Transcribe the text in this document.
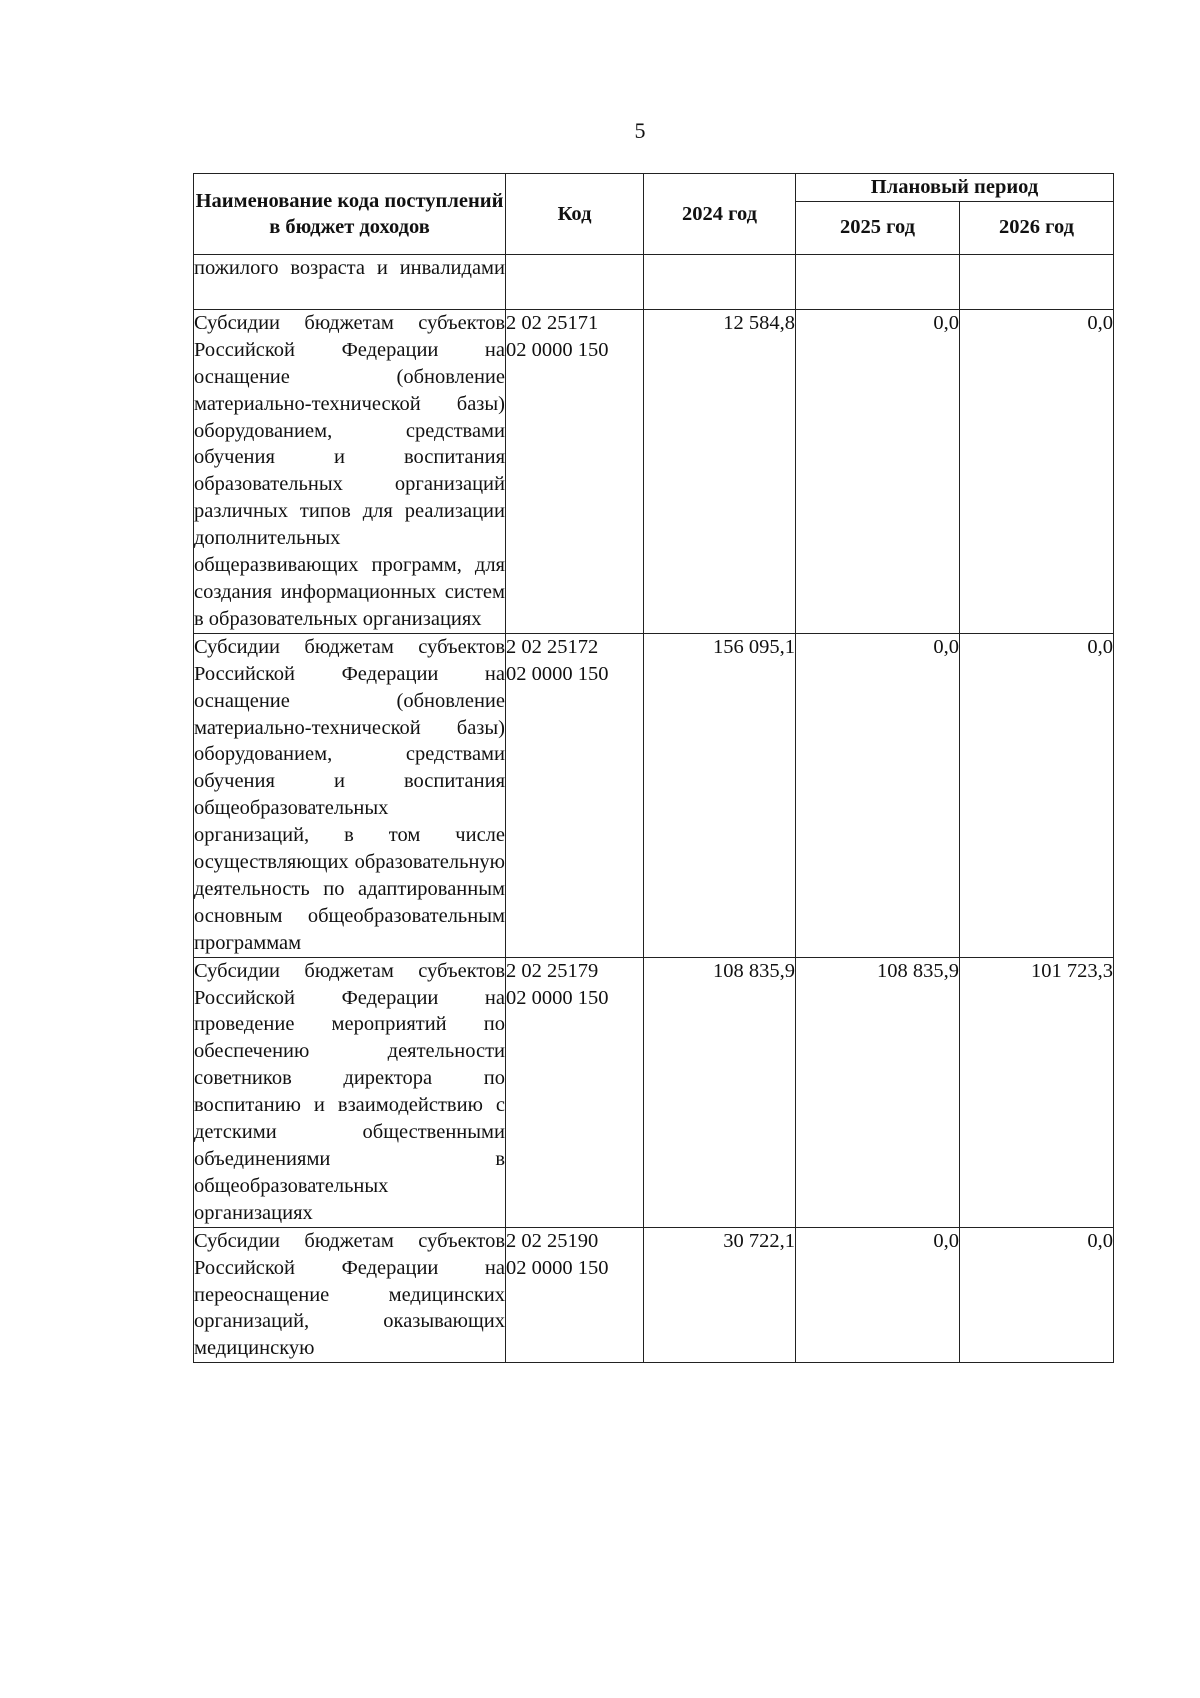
5
Наименование кода поступлений в бюджет доходов	Код	2024 год	Плановый период	
			2025 год	2026 год
пожилого возраста и инвалидами	

Субсидии бюджетам субъектов Российской Федерации на оснащение (обновление материально-технической базы) оборудованием, средствами обучения и воспитания образовательных организаций различных типов для реализации дополнительных общеразвивающих программ, для создания информационных систем в образовательных организациях	2 02 25171
02 0000 150	12 584,8	0,0	0,0
Субсидии бюджетам субъектов Российской Федерации на оснащение (обновление материально-технической базы) оборудованием, средствами обучения и воспитания общеобразовательных организаций, в том числе осуществляющих образовательную деятельность по адаптированным основным общеобразовательным программам	2 02 25172
02 0000 150	156 095,1	0,0	0,0
Субсидии бюджетам субъектов Российской Федерации на проведение мероприятий по обеспечению деятельности советников директора по воспитанию и взаимодействию с детскими общественными объединениями в общеобразовательных организациях	2 02 25179
02 0000 150	108 835,9	108 835,9	101 723,3
Субсидии бюджетам субъектов Российской Федерации на переоснащение медицинских организаций, оказывающих медицинскую	2 02 25190
02 0000 150	30 722,1	0,0	0,0
